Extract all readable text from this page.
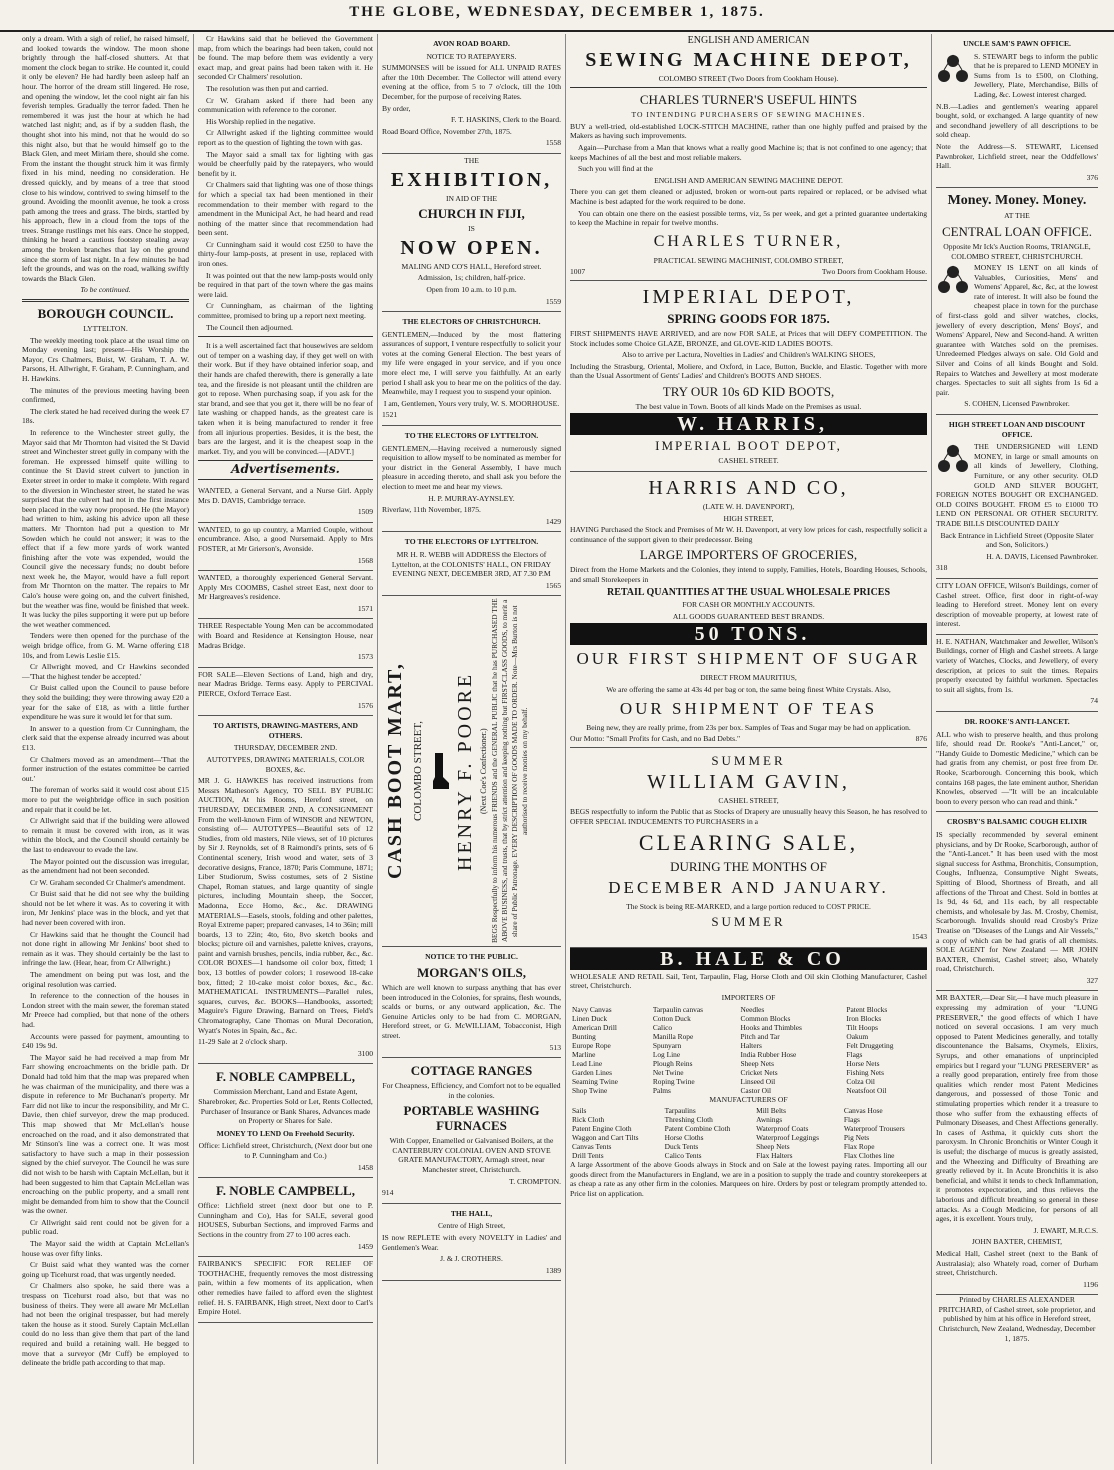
THE GLOBE, WEDNESDAY, DECEMBER 1, 1875.

only a dream. With a sigh of relief, he raised himself, and looked towards the window. The moon shone brightly through the half-closed shutters. At that moment the clock began to strike. He counted it, could it only be eleven? He had hardly been asleep half an hour. The horror of the dream still lingered. He rose, and opening the window, let the cool night air fan his feverish temples. Gradually the terror faded. Then he remembered it was just the hour at which he had watched last night; and, as if by a sudden flash, the thought shot into his mind, not that he would do so this night also, but that he would himself go to the Black Glen, and meet Miriam there, should she come. From the instant the thought struck him it was firmly fixed in his mind, needing no consideration. He dressed quickly, and by means of a tree that stood close to his window, contrived to swing himself to the ground. Avoiding the moonlit avenue, he took a cross path among the trees and grass. The birds, startled by his approach, flew in a cloud from the tops of the trees. Strange rustlings met his ears. Once he stopped, thinking he heard a cautious footstep stealing away among the broken branches that lay on the ground since the storm of last night. In a few minutes he had left the grounds, and was on the road, walking swiftly towards the Black Glen.

To be continued.

BOROUGH COUNCIL.

LYTTELTON.

The weekly meeting took place at the usual time on Monday evening last; present—His Worship the Mayor, Crs Chalmers, Buist, W. Graham, T. A. W. Parsons, H. Allwright, F. Graham, P. Cunningham, and H. Hawkins.

The minutes of the previous meeting having been confirmed,

The clerk stated he had received during the week £7 18s.

In reference to the Winchester street gully, the Mayor said that Mr Thornton had visited the St David street and Winchester street gully in company with the foreman. He expressed himself quite willing to continue the St David street culvert to junction in Exeter street in order to make it complete. With regard to the diversion in Winchester street, he stated he was surprised that the culvert had not in the first instance been placed in the way now proposed. He (the Mayor) had written to him, asking his advice upon all these matters. Mr Thornton had put a question to Mr Sowden which he could not answer; it was to the effect that if a few more yards of work wanted finishing after the vote was expended, would the Council give the necessary funds; no doubt before next week he, the Mayor, would have a full report from Mr Thornton on the matter. The repairs to Mr Calo's house were going on, and the culvert finished, but the weather was fine, would be finished that week. It was lucky the piles supporting it were put up before the wet weather commenced.

Tenders were then opened for the purchase of the weigh bridge office, from G. M. Warne offering £18 10s, and from Lewis Leslie £15.

Cr Allwright moved, and Cr Hawkins seconded—'That the highest tender be accepted.'

Cr Buist called upon the Council to pause before they sold the building; they were throwing away £20 a year for the sake of £18, as with a little further expenditure he was sure it would let for that sum.

In answer to a question from Cr Cunningham, the clerk said that the expense already incurred was about £13.

Cr Chalmers moved as an amendment—'That the former instruction of the estates committee be carried out.'

The foreman of works said it would cost about £15 more to put the weighbridge office in such position and repair that it could be let.

Cr Allwright said that if the building were allowed to remain it must be covered with iron, as it was within the block, and the Council should certainly be the last to endeavour to evade the law.

The Mayor pointed out the discussion was irregular, as the amendment had not been seconded.

Cr W. Graham seconded Cr Chalmer's amendment.

Cr Buist said that he did not see why the building should not be let where it was. As to covering it with iron, Mr Jenkins' place was in the block, and yet that had never been covered with iron.

Cr Hawkins said that he thought the Council had not done right in allowing Mr Jenkins' boot shed to remain as it was. They should certainly be the last to infringe the law. (Hear, hear, from Cr Allwright.)

The amendment on being put was lost, and the original resolution was carried.

In reference to the connection of the houses in London street with the main sewer, the foreman stated Mr Preece had complied, but that none of the others had.

Accounts were passed for payment, amounting to £40 19s 9d.

The Mayor said he had received a map from Mr Farr showing encroachments on the bridle path. Dr Donald had told him that the map was prepared when he was chairman of the municipality, and there was a dispute in reference to Mr Buchanan's property. Mr Farr did not like to incur the responsibility, and Mr C. Davie, then chief surveyor, drew the map produced. This map showed that Mr McLellan's house encroached on the road, and it also demonstrated that Mr Stinson's line was a correct one. It was most satisfactory to have such a map in their possession signed by the chief surveyor. The Council he was sure did not wish to be harsh with Captain McLellan, but it had been suggested to him that Captain McLellan was encroaching on the public property, and a small rent might be demanded from him to show that the Council was the owner.

Cr Allwright said rent could not be given for a public road.

The Mayor said the width at Captain McLellan's house was over fifty links.

Cr Buist said what they wanted was the corner going up Ticehurst road, that was urgently needed.

Cr Chalmers also spoke, he said there was a trespass on Ticehurst road also, but that was no business of theirs. They were all aware Mr McLellan had not been the original trespasser, but had merely taken the house as it stood. Surely Captain McLellan could do no less than give them that part of the land required and build a retaining wall. He begged to move that a surveyor (Mr Cuff) be employed to delineate the bridle path according to that map.

Cr Hawkins said that he believed the Government map, from which the bearings had been taken, could not be found. The map before them was evidently a very exact map, and great pains had been taken with it. He seconded Cr Chalmers' resolution.

The resolution was then put and carried.

Cr W. Graham asked if there had been any communication with reference to the coroner.

His Worship replied in the negative.

Cr Allwright asked if the lighting committee would report as to the question of lighting the town with gas.

The Mayor said a small tax for lighting with gas would be cheerfully paid by the ratepayers, who would benefit by it.

Cr Chalmers said that lighting was one of those things for which a special tax had been mentioned in their recommendation to their member with regard to the amendment in the Municipal Act, he had heard and read nothing of the matter since that recommendation had been sent.

Cr Cunningham said it would cost £250 to have the thirty-four lamp-posts, at present in use, replaced with iron ones.

It was pointed out that the new lamp-posts would only be required in that part of the town where the gas mains were laid.

Cr Cunningham, as chairman of the lighting committee, promised to bring up a report next meeting.

The Council then adjourned.

It is a well ascertained fact that housewives are seldom out of temper on a washing day, if they get well on with their work. But if they have obtained inferior soap, and their hands are chafed therewith, there is generally a late tea, and the fireside is not pleasant until the children are got to repose. When purchasing soap, if you ask for the star brand, and see that you get it, there will be no fear of late washing or chapped hands, as the greatest care is taken when it is being manufactured to render it free from all injurious properties. Besides, it is the best, the bars are the largest, and it is the cheapest soap in the market. Try, and you will be convinced.—[ADVT.]

Advertisements.

WANTED, a General Servant, and a Nurse Girl. Apply Mrs D. DAVIS, Cambridge terrace.

1509

WANTED, to go up country, a Married Couple, without encumbrance. Also, a good Nursemaid. Apply to Mrs FOSTER, at Mr Grierson's, Avonside.

1568

WANTED, a thoroughly experienced General Servant. Apply Mrs COOMBS, Cashel street East, next door to Mr Hargreaves's residence.

1571

THREE Respectable Young Men can be accommodated with Board and Residence at Kensington House, near Madras Bridge.

1573

FOR SALE—Eleven Sections of Land, high and dry, near Madras Bridge. Terms easy. Apply to PERCIVAL PIERCE, Oxford Terrace East.

1576

TO ARTISTS, DRAWING-MASTERS, AND OTHERS.

THURSDAY, DECEMBER 2ND.

AUTOTYPES, DRAWING MATERIALS, COLOR BOXES, &c.

MR J. G. HAWKES has received instructions from Messrs Matheson's Agency, TO SELL BY PUBLIC AUCTION, At his Rooms, Hereford street, on THURSDAY, DECEMBER 2ND, A CONSIGNMENT From the well-known Firm of WINSOR and NEWTON, consisting of— AUTOTYPES—Beautiful sets of 12 Studies, from old masters, Nile views, set of 10 pictures by Sir J. Reynolds, set of 8 Raimondi's prints, sets of 6 Continental scenery, Irish wood and water, sets of 3 decorative designs, France, 1870; Paris Commune, 1871; Liber Studiorum, Swiss costumes, sets of 2 Sistine Chapel, Roman statues, and large quantity of single pictures, including Mountain sheep, the Soccer, Madonna, Ecce Homo, &c., &c. DRAWING MATERIALS—Easels, stools, folding and other palettes, Royal Extreme paper; prepared canvases, 14 to 36in; mill boards, 13 to 22in; 4to, 6to, 8vo sketch books and blocks; picture oil and varnishes, palette knives, crayons, paint and varnish brushes, pencils, india rubber, &c., &c. COLOR BOXES—1 handsome oil color box, fitted; 1 box, 13 bottles of powder colors; 1 rosewood 18-cake box, fitted; 2 10-cake moist color boxes, &c., &c. MATHEMATICAL INSTRUMENTS—Parallel rules, squares, curves, &c. BOOKS—Handbooks, assorted; Maguire's Figure Drawing, Barnard on Trees, Field's Chromatography, Cane Thomas on Mural Decoration, Wyatt's Notes in Spain, &c., &c.

11-29 Sale at 2 o'clock sharp.

3100

F. NOBLE CAMPBELL,

Commission Merchant, Land and Estate Agent, Sharebroker, &c. Properties Sold or Let, Rents Collected, Purchaser of Insurance or Bank Shares, Advances made on Property or Shares for Sale.

MONEY TO LEND On Freehold Security.

Office: Lichfield street, Christchurch, (Next door but one to P. Cunningham and Co.)

1458

F. NOBLE CAMPBELL,

Office: Lichfield street (next door but one to P. Cunningham and Co), Has for SALE, several good HOUSES, Suburban Sections, and improved Farms and Sections in the country from 27 to 100 acres each.

1459

FAIRBANK'S SPECIFIC FOR RELIEF OF TOOTHACHE, frequently removes the most distressing pain, within a few moments of its application, when other remedies have failed to afford even the slightest relief. H. S. FAIRBANK, High street, Next door to Carl's Empire Hotel.

AVON ROAD BOARD.

NOTICE TO RATEPAYERS.

SUMMONSES will be issued for ALL UNPAID RATES after the 10th December. The Collector will attend every evening at the office, from 5 to 7 o'clock, till the 10th December, for the purpose of receiving Rates.

By order,

F. T. HASKINS, Clerk to the Board.

Road Board Office, November 27th, 1875.

1558

THE

EXHIBITION,

IN AID OF THE

CHURCH IN FIJI,

IS

NOW OPEN.

MALING AND CO'S HALL, Hereford street.

Admission, 1s; children, half-price.

Open from 10 a.m. to 10 p.m.

1559

THE ELECTORS OF CHRISTCHURCH.

GENTLEMEN,—Induced by the most flattering assurances of support, I venture respectfully to solicit your votes at the coming General Election. The best years of my life were engaged in your service, and if you once more elect me, I will serve you faithfully. At an early period I shall ask you to hear me on the politics of the day. Meanwhile, may I request you to suspend your opinion.

I am, Gentlemen, Yours very truly, W. S. MOORHOUSE.

1521

TO THE ELECTORS OF LYTTELTON.

GENTLEMEN,—Having received a numerously signed requisition to allow myself to be nominated as member for your district in the General Assembly, I have much pleasure in acceding thereto, and shall ask you before the election to meet me and hear my views.

H. P. MURRAY-AYNSLEY.

Riverlaw, 11th November, 1875.

1429

TO THE ELECTORS OF LYTTELTON.

MR H. R. WEBB will ADDRESS the Electors of Lyttelton, at the COLONISTS' HALL, ON FRIDAY EVENING NEXT, DECEMBER 3RD, AT 7.30 P.M

1565

CASH BOOT MART, COLOMBO STREET, HENRY F. POORE (Next Coe's Confectioner.) BEGS Respectfully to inform his numerous FRIENDS and the GENERAL PUBLIC that he has PURCHASED THE ABOVE BUSINESS, and trusts, that by strict attention and keeping nothing but FIRST-CLASS GOODS, to merit a share of Public Patronage. EVERY DESCRIPTION OF GOODS MADE TO ORDER. Note—Mrs Burton is not authorised to receive monies on my behalf.

NOTICE TO THE PUBLIC.

MORGAN'S OILS,

Which are well known to surpass anything that has ever been introduced in the Colonies, for sprains, flesh wounds, scalds or burns, or any outward application, &c. The Genuine Articles only to be had from C. MORGAN, Hereford street, or G. McWILLIAM, Tobacconist, High street.

513

COTTAGE RANGES

For Cheapness, Efficiency, and Comfort not to be equalled in the colonies.

PORTABLE WASHING FURNACES

With Copper, Enamelled or Galvanised Boilers, at the CANTERBURY COLONIAL OVEN AND STOVE GRATE MANUFACTORY, Armagh street, near Manchester street, Christchurch.

T. CROMPTON.

914

THE HALL,

Centre of High Street,

IS now REPLETE with every NOVELTY in Ladies' and Gentlemen's Wear.

J. & J. CROTHERS.

1389

ENGLISH AND AMERICAN

SEWING MACHINE DEPOT,

COLOMBO STREET (Two Doors from Cookham House).

CHARLES TURNER'S USEFUL HINTS

TO INTENDING PURCHASERS OF SEWING MACHINES.

BUY a well-tried, old-established LOCK-STITCH MACHINE, rather than one highly puffed and praised by the Makers as having such improvements.

Again—Purchase from a Man that knows what a really good Machine is; that is not confined to one agency; that keeps Machines of all the best and most reliable makers.

Such you will find at the

ENGLISH AND AMERICAN SEWING MACHINE DEPOT.

There you can get them cleaned or adjusted, broken or worn-out parts repaired or replaced, or be advised what Machine is best adapted for the work required to be done.

You can obtain one there on the easiest possible terms, viz, 5s per week, and get a printed guarantee undertaking to keep the Machine in repair for twelve months.

CHARLES TURNER,

PRACTICAL SEWING MACHINIST, COLOMBO STREET,

1007	Two Doors from Cookham House.

IMPERIAL DEPOT,

SPRING GOODS FOR 1875.

FIRST SHIPMENTS HAVE ARRIVED, and are now FOR SALE, at Prices that will DEFY COMPETITION. The Stock includes some Choice GLAZE, BRONZE, and GLOVE-KID LADIES BOOTS.

Also to arrive per Lactura, Novelties in Ladies' and Children's WALKING SHOES,

Including the Strasburg, Oriental, Moliere, and Oxford, in Lace, Button, Buckle, and Elastic. Together with more than the Usual Assortment of Gents' Ladies' and Children's BOOTS AND SHOES.

TRY OUR 10s 6D KID BOOTS,

The best value in Town. Boots of all kinds Made on the Premises as usual.

W. HARRIS,

IMPERIAL BOOT DEPOT,

CASHEL STREET.

HARRIS AND CO,

(LATE W. H. DAVENPORT),

HIGH STREET,

HAVING Purchased the Stock and Premises of Mr W. H. Davenport, at very low prices for cash, respectfully solicit a continuance of the support given to their predecessor. Being

LARGE IMPORTERS OF GROCERIES,

Direct from the Home Markets and the Colonies, they intend to supply, Families, Hotels, Boarding Houses, Schools, and small Storekeepers in

RETAIL QUANTITIES AT THE USUAL WHOLESALE PRICES

FOR CASH OR MONTHLY ACCOUNTS.

ALL GOODS GUARANTEED BEST BRANDS.

50 TONS.

OUR FIRST SHIPMENT OF SUGAR

DIRECT FROM MAURITIUS,

We are offering the same at 43s 4d per bag or ton, the same being finest White Crystals. Also,

OUR SHIPMENT OF TEAS

Being new, they are really prime, from 23s per box. Samples of Teas and Sugar may be had on application.

Our Motto: "Small Profits for Cash, and no Bad Debts."	876

SUMMER

WILLIAM GAVIN,

CASHEL STREET,

BEGS respectfully to inform the Public that as Stocks of Drapery are unusually heavy this Season, he has resolved to OFFER SPECIAL INDUCEMENTS TO PURCHASERS in a

CLEARING SALE,

DURING THE MONTHS OF

DECEMBER AND JANUARY.

The Stock is being RE-MARKED, and a large portion reduced to COST PRICE.

SUMMER

1543

B. HALE & CO

WHOLESALE AND RETAIL Sail, Tent, Tarpaulin, Flag, Horse Cloth and Oil skin Clothing Manufacturer, Cashel street, Christchurch.

IMPORTERS OF

Navy Canvas	Tarpaulin canvas	Needles	Patent Blocks
Linen Duck	Cotton Duck	Common Blocks	Iron Blocks
American Drill	Calico	Hooks and Thimbles	Tilt Hoops
Bunting	Manilla Rope	Pitch and Tar	Oakum
Europe Rope	Spunyarn	Halters	Felt Druggeting
Marline	Log Line	India Rubber Hose	Flags
Lead Line	Plough Reins	Sheep Nets	Horse Nets
Garden Lines	Net Twine	Cricket Nets	Fishing Nets
Seaming Twine	Roping Twine	Linseed Oil	Colza Oil
Shop Twine	Palms	Castor Oil	Neatsfoot Oil

MANUFACTURERS OF

Sails	Tarpaulins	Mill Belts	Canvas Hose
Rick Cloth	Threshing Cloth	Awnings	Flags
Patent Engine Cloth	Patent Combine Cloth	Waterproof Coats	Waterproof Trousers
Waggon and Cart Tilts	Horse Cloths	Waterproof Leggings	Pig Nets
Canvas Tents	Duck Tents	Sheep Nets	Flax Rope
Drill Tents	Calico Tents	Flax Halters	Flax Clothes line

A large Assortment of the above Goods always in Stock and on Sale at the lowest paying rates. Importing all our goods direct from the Manufacturers in England, we are in a position to supply the trade and country storekeepers at as cheap a rate as any other firm in the colonies. Marquees on hire. Orders by post or telegram promptly attended to. Price list on application.

UNCLE SAM'S PAWN OFFICE.

S. STEWART begs to inform the public that he is prepared to LEND MONEY in Sums from 1s to £500, on Clothing, Jewellery, Plate, Merchandise, Bills of Lading, &c. Lowest interest charged.

N.B.—Ladies and gentlemen's wearing apparel bought, sold, or exchanged. A large quantity of new and secondhand jewellery of all descriptions to be sold cheap.

Note the Address—S. STEWART, Licensed Pawnbroker, Lichfield street, near the Oddfellows' Hall.

376

Money. Money. Money.

AT THE

CENTRAL LOAN OFFICE.

Opposite Mr Ick's Auction Rooms, TRIANGLE, COLOMBO STREET, CHRISTCHURCH.

MONEY IS LENT on all kinds of Valuables, Curiosities, Mens' and Womens' Apparel, &c, &c, at the lowest rate of interest. It will also be found the cheapest place in town for the purchase of first-class gold and silver watches, clocks, jewellery of every description, Mens' Boys', and Womens' Apparel, New and Second-hand. A written guarantee with Watches sold on the premises. Unredeemed Pledges always on sale. Old Gold and Silver and Coins of all kinds Bought and Sold. Repairs to Watches and Jewellery at most moderate charges. Spectacles to suit all sights from 1s 6d a pair.

S. COHEN, Licensed Pawnbroker.

HIGH STREET LOAN AND DISCOUNT OFFICE.

THE UNDERSIGNED will LEND MONEY, in large or small amounts on all kinds of Jewellery, Clothing, Furniture, or any other security. OLD GOLD AND SILVER BOUGHT, FOREIGN NOTES BOUGHT OR EXCHANGED. OLD COINS BOUGHT. FROM £5 to £1000 TO LEND ON PERSONAL OR OTHER SECURITY. TRADE BILLS DISCOUNTED DAILY

Back Entrance in Lichfield Street (Opposite Slater and Son, Solicitors.)

H. A. DAVIS, Licensed Pawnbroker.

318

CITY LOAN OFFICE, Wilson's Buildings, corner of Cashel street. Office, first door in right-of-way leading to Hereford street. Money lent on every description of moveable property, at lowest rate of interest.

H. E. NATHAN, Watchmaker and Jeweller, Wilson's Buildings, corner of High and Cashel streets. A large variety of Watches, Clocks, and Jewellery, of every description, at prices to suit the times. Repairs properly executed by faithful workmen. Spectacles to suit all sights, from 1s.

74

DR. ROOKE'S ANTI-LANCET.

ALL who wish to preserve health, and thus prolong life, should read Dr. Rooke's "Anti-Lancet," or, "Handy Guide to Domestic Medicine," which can be had gratis from any chemist, or post free from Dr. Rooke, Scarborough. Concerning this book, which contains 168 pages, the late eminent author, Sheridan Knowles, observed —"It will be an incalculable boon to every person who can read and think."

CROSBY'S BALSAMIC COUGH ELIXIR

IS specially recommended by several eminent physicians, and by Dr Rooke, Scarborough, author of the "Anti-Lancet." It has been used with the most signal success for Asthma, Bronchitis, Consumption, Coughs, Influenza, Consumptive Night Sweats, Spitting of Blood, Shortness of Breath, and all affections of the Throat and Chest. Sold in bottles at 1s 9d, 4s 6d, and 11s each, by all respectable chemists, and wholesale by Jas. M. Crosby, Chemist, Scarborough. Invalids should read Crosby's Prize Treatise on "Diseases of the Lungs and Air Vessels," a copy of which can be had gratis of all chemists. SOLE AGENT for New Zealand — MR JOHN BAXTER, Chemist, Cashel street; also, Whately road, Christchurch.

327

MR BAXTER,—Dear Sir,—I have much pleasure in expressing my admiration of your "LUNG PRESERVER," the good effects of which I have noticed on several occasions. I am very much opposed to Patent Medicines generally, and totally discountenance the Balsams, Oxymels, Elixirs, Syrups, and other emanations of unprincipled empirics but I regard your "LUNG PRESERVER" as a really good preparation, entirely free from those qualities which render most Patent Medicines dangerous, and possessed of those Tonic and stimulating properties which render it a treasure to those who suffer from the exhausting effects of Pulmonary Diseases, and Chest Affections generally. In cases of Asthma, it quickly cuts short the paroxysm. In Chronic Bronchitis or Winter Cough it is useful; the discharge of mucus is greatly assisted, and the Wheezing and Difficulty of Breathing are greatly relieved by it. In Acute Bronchitis it is also beneficial, and whilst it tends to check Inflammation, it promotes expectoration, and thus relieves the laborious and difficult breathing so general in these attacks. As a Cough Medicine, for persons of all ages, it is excellent. Yours truly,

J. EWART, M.R.C.S.

JOHN BAXTER, CHEMIST,

Medical Hall, Cashel street (next to the Bank of Australasia); also Whately road, corner of Durham street, Christchurch.

1196

Printed by CHARLES ALEXANDER PRITCHARD, of Cashel street, sole proprietor, and published by him at his office in Hereford street, Christchurch, New Zealand, Wednesday, December 1, 1875.
